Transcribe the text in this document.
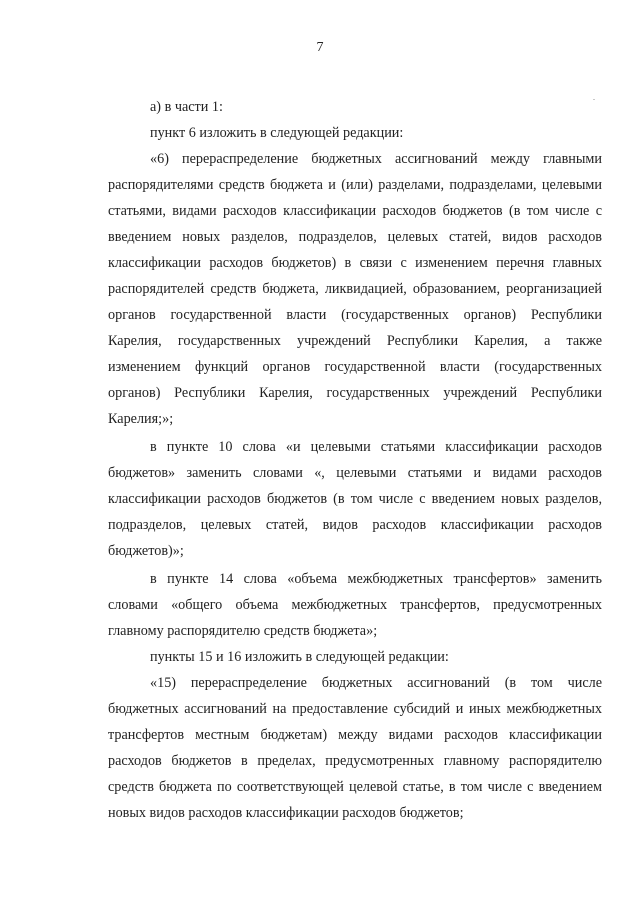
7

а) в части 1:

пункт 6 изложить в следующей редакции:

«6) перераспределение бюджетных ассигнований между главными распорядителями средств бюджета и (или) разделами, подразделами, целевыми статьями, видами расходов классификации расходов бюджетов (в том числе с введением новых разделов, подразделов, целевых статей, видов расходов классификации расходов бюджетов) в связи с изменением перечня главных распорядителей средств бюджета, ликвидацией, образованием, реорганизацией органов государственной власти (государственных органов) Республики Карелия, государственных учреждений Республики Карелия, а также изменением функций органов государственной власти (государственных органов) Республики Карелия, государственных учреждений Республики Карелия;»;

в пункте 10 слова «и целевыми статьями классификации расходов бюджетов» заменить словами «, целевыми статьями и видами расходов классификации расходов бюджетов (в том числе с введением новых разделов, подразделов, целевых статей, видов расходов классификации расходов бюджетов)»;

в пункте 14 слова «объема межбюджетных трансфертов» заменить словами «общего объема межбюджетных трансфертов, предусмотренных главному распорядителю средств бюджета»;

пункты 15 и 16 изложить в следующей редакции:

«15) перераспределение бюджетных ассигнований (в том числе бюджетных ассигнований на предоставление субсидий и иных межбюджетных трансфертов местным бюджетам) между видами расходов классификации расходов бюджетов в пределах, предусмотренных главному распорядителю средств бюджета по соответствующей целевой статье, в том числе с введением новых видов расходов классификации расходов бюджетов;
